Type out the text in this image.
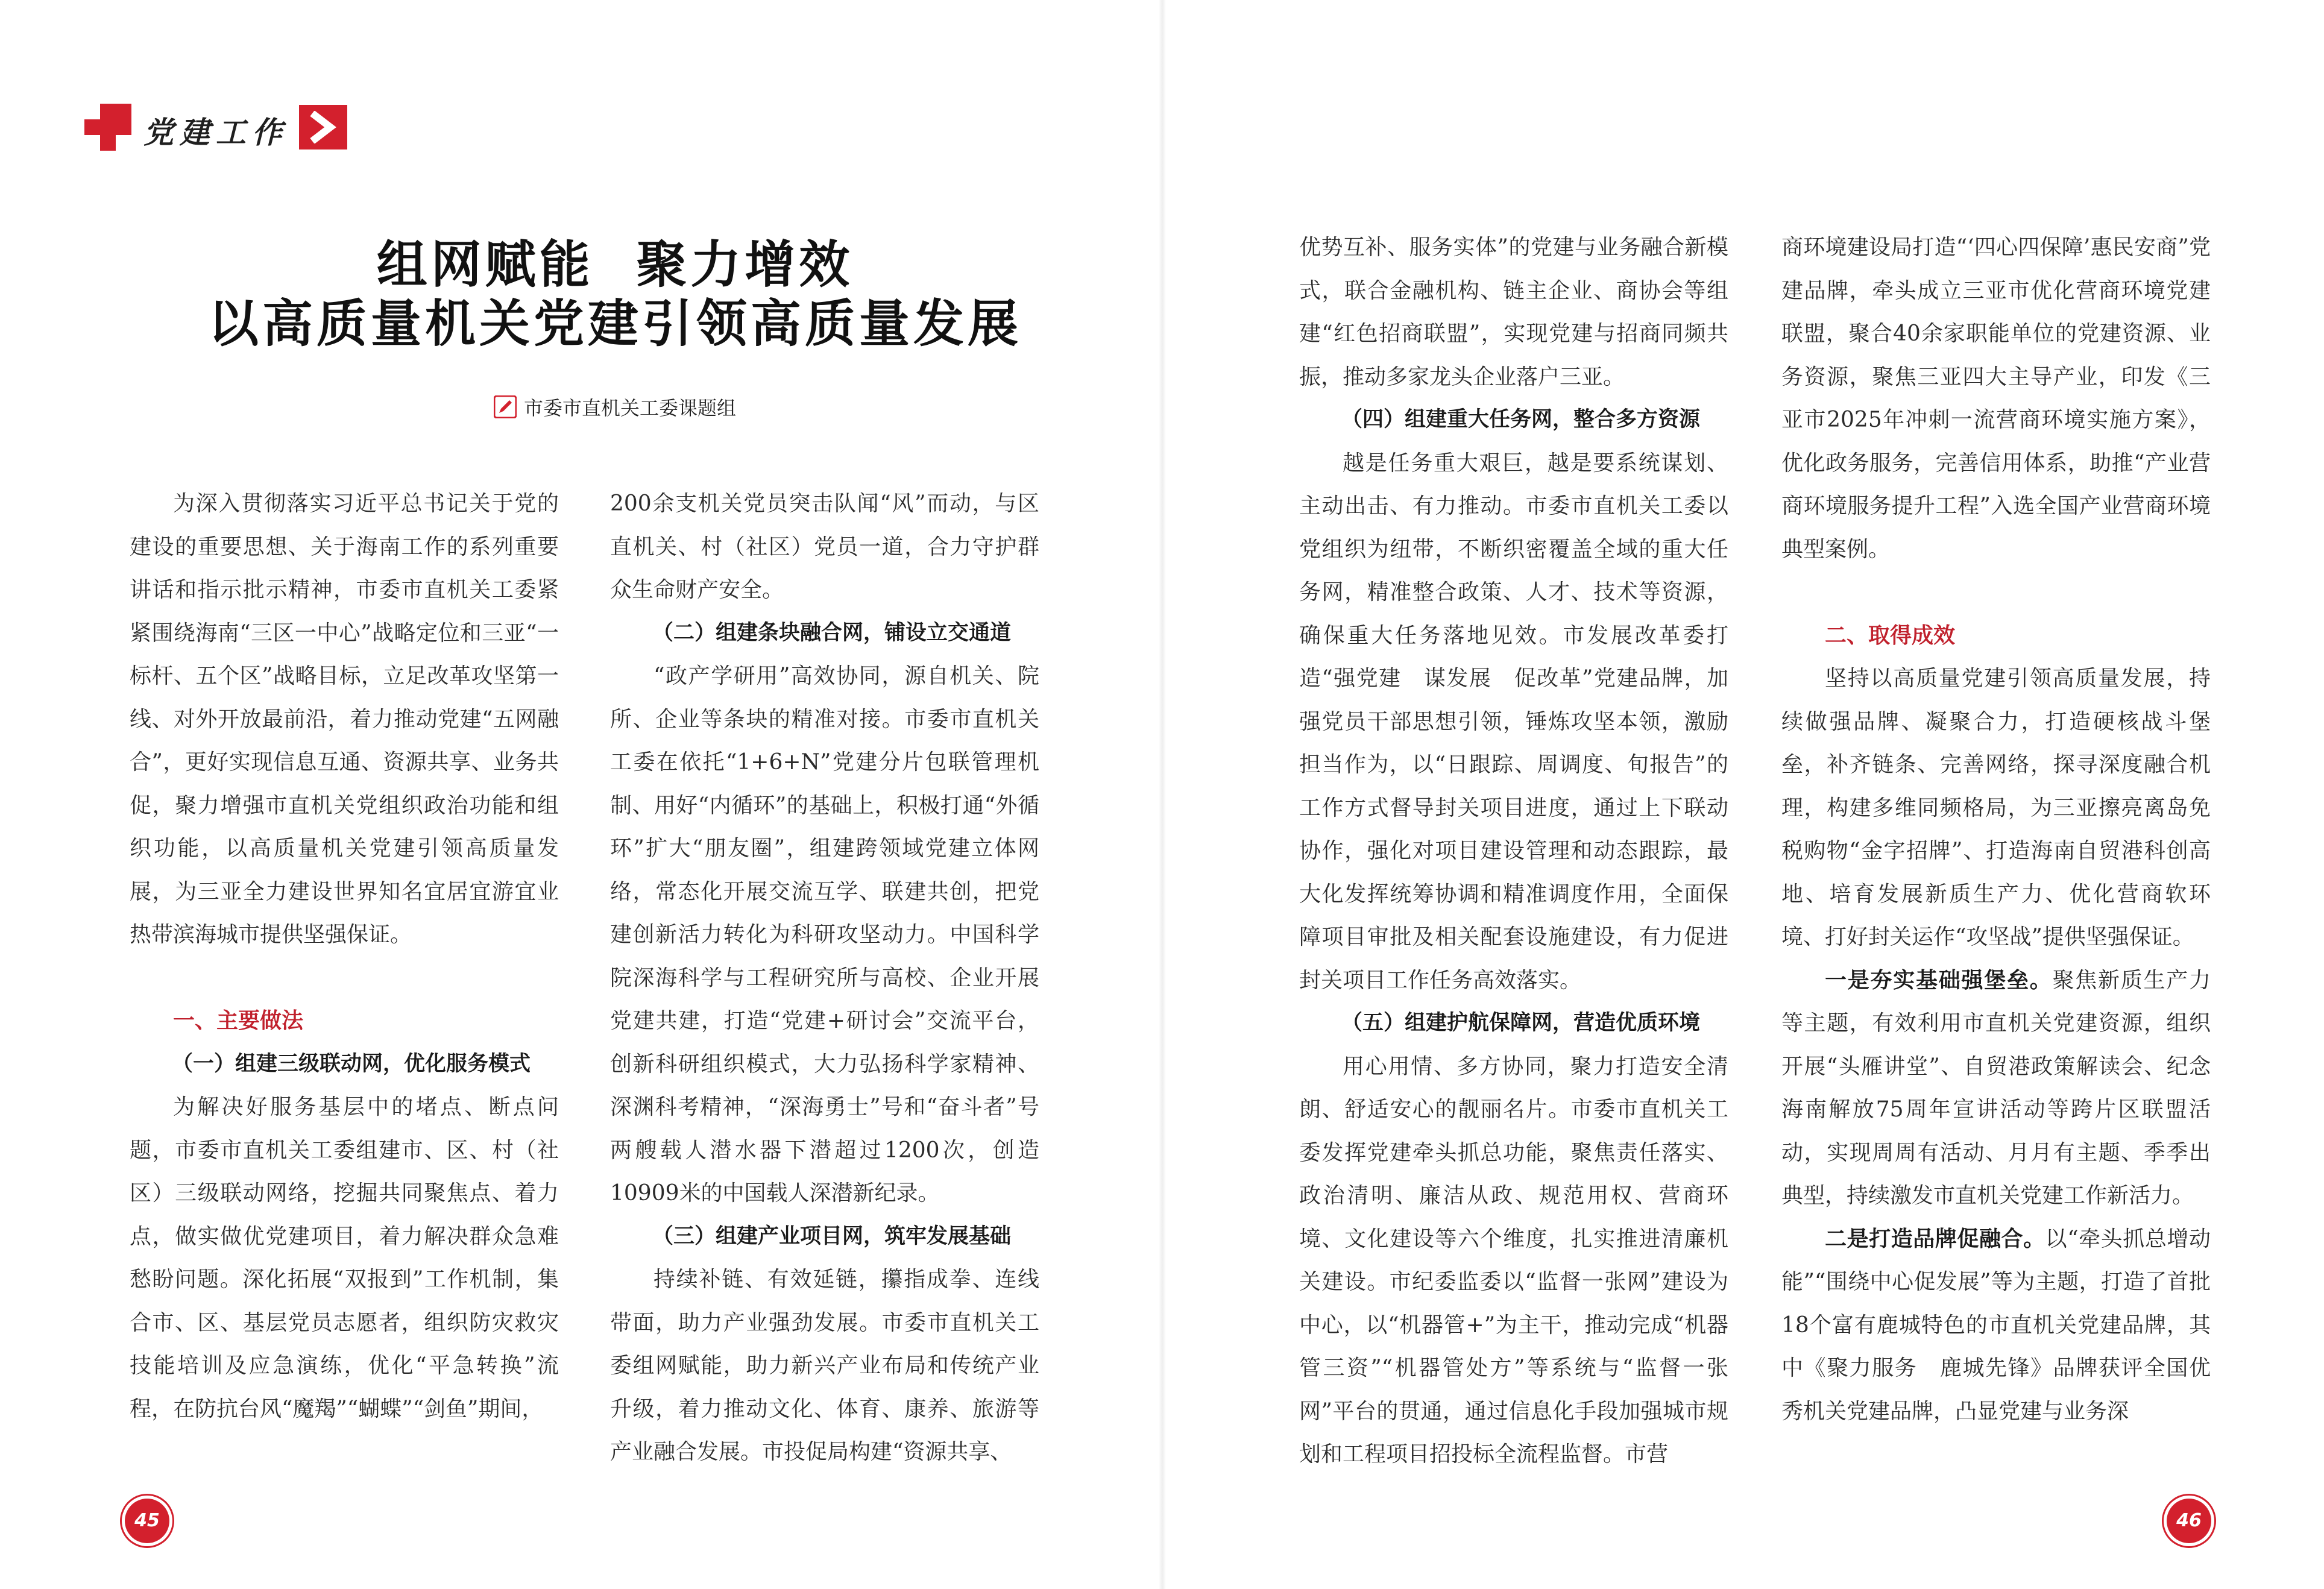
党建工作
组网赋能  聚力增效
以高质量机关党建引领高质量发展
市委市直机关工委课题组

为深入贯彻落实习近平总书记关于党的建设的重要思想、关于海南工作的系列重要讲话和指示批示精神，市委市直机关工委紧紧围绕海南“三区一中心”战略定位和三亚“一标杆、五个区”战略目标，立足改革攻坚第一线、对外开放最前沿，着力推动党建“五网融合”，更好实现信息互通、资源共享、业务共促，聚力增强市直机关党组织政治功能和组织功能，以高质量机关党建引领高质量发展，为三亚全力建设世界知名宜居宜游宜业热带滨海城市提供坚强保证。

一、主要做法

（一）组建三级联动网，优化服务模式

为解决好服务基层中的堵点、断点问题，市委市直机关工委组建市、区、村（社区）三级联动网络，挖掘共同聚焦点、着力点，做实做优党建项目，着力解决群众急难愁盼问题。深化拓展“双报到”工作机制，集合市、区、基层党员志愿者，组织防灾救灾技能培训及应急演练，优化“平急转换”流程，在防抗台风“魔羯”“蝴蝶”“剑鱼”期间，

200余支机关党员突击队闻“风”而动，与区直机关、村（社区）党员一道，合力守护群众生命财产安全。

（二）组建条块融合网，铺设立交通道

“政产学研用”高效协同，源自机关、院所、企业等条块的精准对接。市委市直机关工委在依托“1+6+N”党建分片包联管理机制、用好“内循环”的基础上，积极打通“外循环”扩大“朋友圈”，组建跨领域党建立体网络，常态化开展交流互学、联建共创，把党建创新活力转化为科研攻坚动力。中国科学院深海科学与工程研究所与高校、企业开展党建共建，打造“党建+研讨会”交流平台，创新科研组织模式，大力弘扬科学家精神、深渊科考精神，“深海勇士”号和“奋斗者”号两艘载人潜水器下潜超过1200次，创造10909米的中国载人深潜新纪录。

（三）组建产业项目网，筑牢发展基础

持续补链、有效延链，攥指成拳、连线带面，助力产业强劲发展。市委市直机关工委组网赋能，助力新兴产业布局和传统产业升级，着力推动文化、体育、康养、旅游等产业融合发展。市投促局构建“资源共享、

优势互补、服务实体”的党建与业务融合新模式，联合金融机构、链主企业、商协会等组建“红色招商联盟”，实现党建与招商同频共振，推动多家龙头企业落户三亚。

（四）组建重大任务网，整合多方资源

越是任务重大艰巨，越是要系统谋划、主动出击、有力推动。市委市直机关工委以党组织为纽带，不断织密覆盖全域的重大任务网，精准整合政策、人才、技术等资源，确保重大任务落地见效。市发展改革委打造“强党建　谋发展　促改革”党建品牌，加强党员干部思想引领，锤炼攻坚本领，激励担当作为，以“日跟踪、周调度、旬报告”的工作方式督导封关项目进度，通过上下联动协作，强化对项目建设管理和动态跟踪，最大化发挥统筹协调和精准调度作用，全面保障项目审批及相关配套设施建设，有力促进封关项目工作任务高效落实。

（五）组建护航保障网，营造优质环境

用心用情、多方协同，聚力打造安全清朗、舒适安心的靓丽名片。市委市直机关工委发挥党建牵头抓总功能，聚焦责任落实、政治清明、廉洁从政、规范用权、营商环境、文化建设等六个维度，扎实推进清廉机关建设。市纪委监委以“监督一张网”建设为中心，以“机器管+”为主干，推动完成“机器管三资”“机器管处方”等系统与“监督一张网”平台的贯通，通过信息化手段加强城市规划和工程项目招投标全流程监督。市营

商环境建设局打造“‘四心四保障’惠民安商”党建品牌，牵头成立三亚市优化营商环境党建联盟，聚合40余家职能单位的党建资源、业务资源，聚焦三亚四大主导产业，印发《三亚市2025年冲刺一流营商环境实施方案》，优化政务服务，完善信用体系，助推“产业营商环境服务提升工程”入选全国产业营商环境典型案例。

二、取得成效

坚持以高质量党建引领高质量发展，持续做强品牌、凝聚合力，打造硬核战斗堡垒，补齐链条、完善网络，探寻深度融合机理，构建多维同频格局，为三亚擦亮离岛免税购物“金字招牌”、打造海南自贸港科创高地、培育发展新质生产力、优化营商软环境、打好封关运作“攻坚战”提供坚强保证。

一是夯实基础强堡垒。聚焦新质生产力等主题，有效利用市直机关党建资源，组织开展“头雁讲堂”、自贸港政策解读会、纪念海南解放75周年宣讲活动等跨片区联盟活动，实现周周有活动、月月有主题、季季出典型，持续激发市直机关党建工作新活力。

二是打造品牌促融合。以“牵头抓总增动能”“围绕中心促发展”等为主题，打造了首批18个富有鹿城特色的市直机关党建品牌，其中《聚力服务　鹿城先锋》品牌获评全国优秀机关党建品牌，凸显党建与业务深

45	46
